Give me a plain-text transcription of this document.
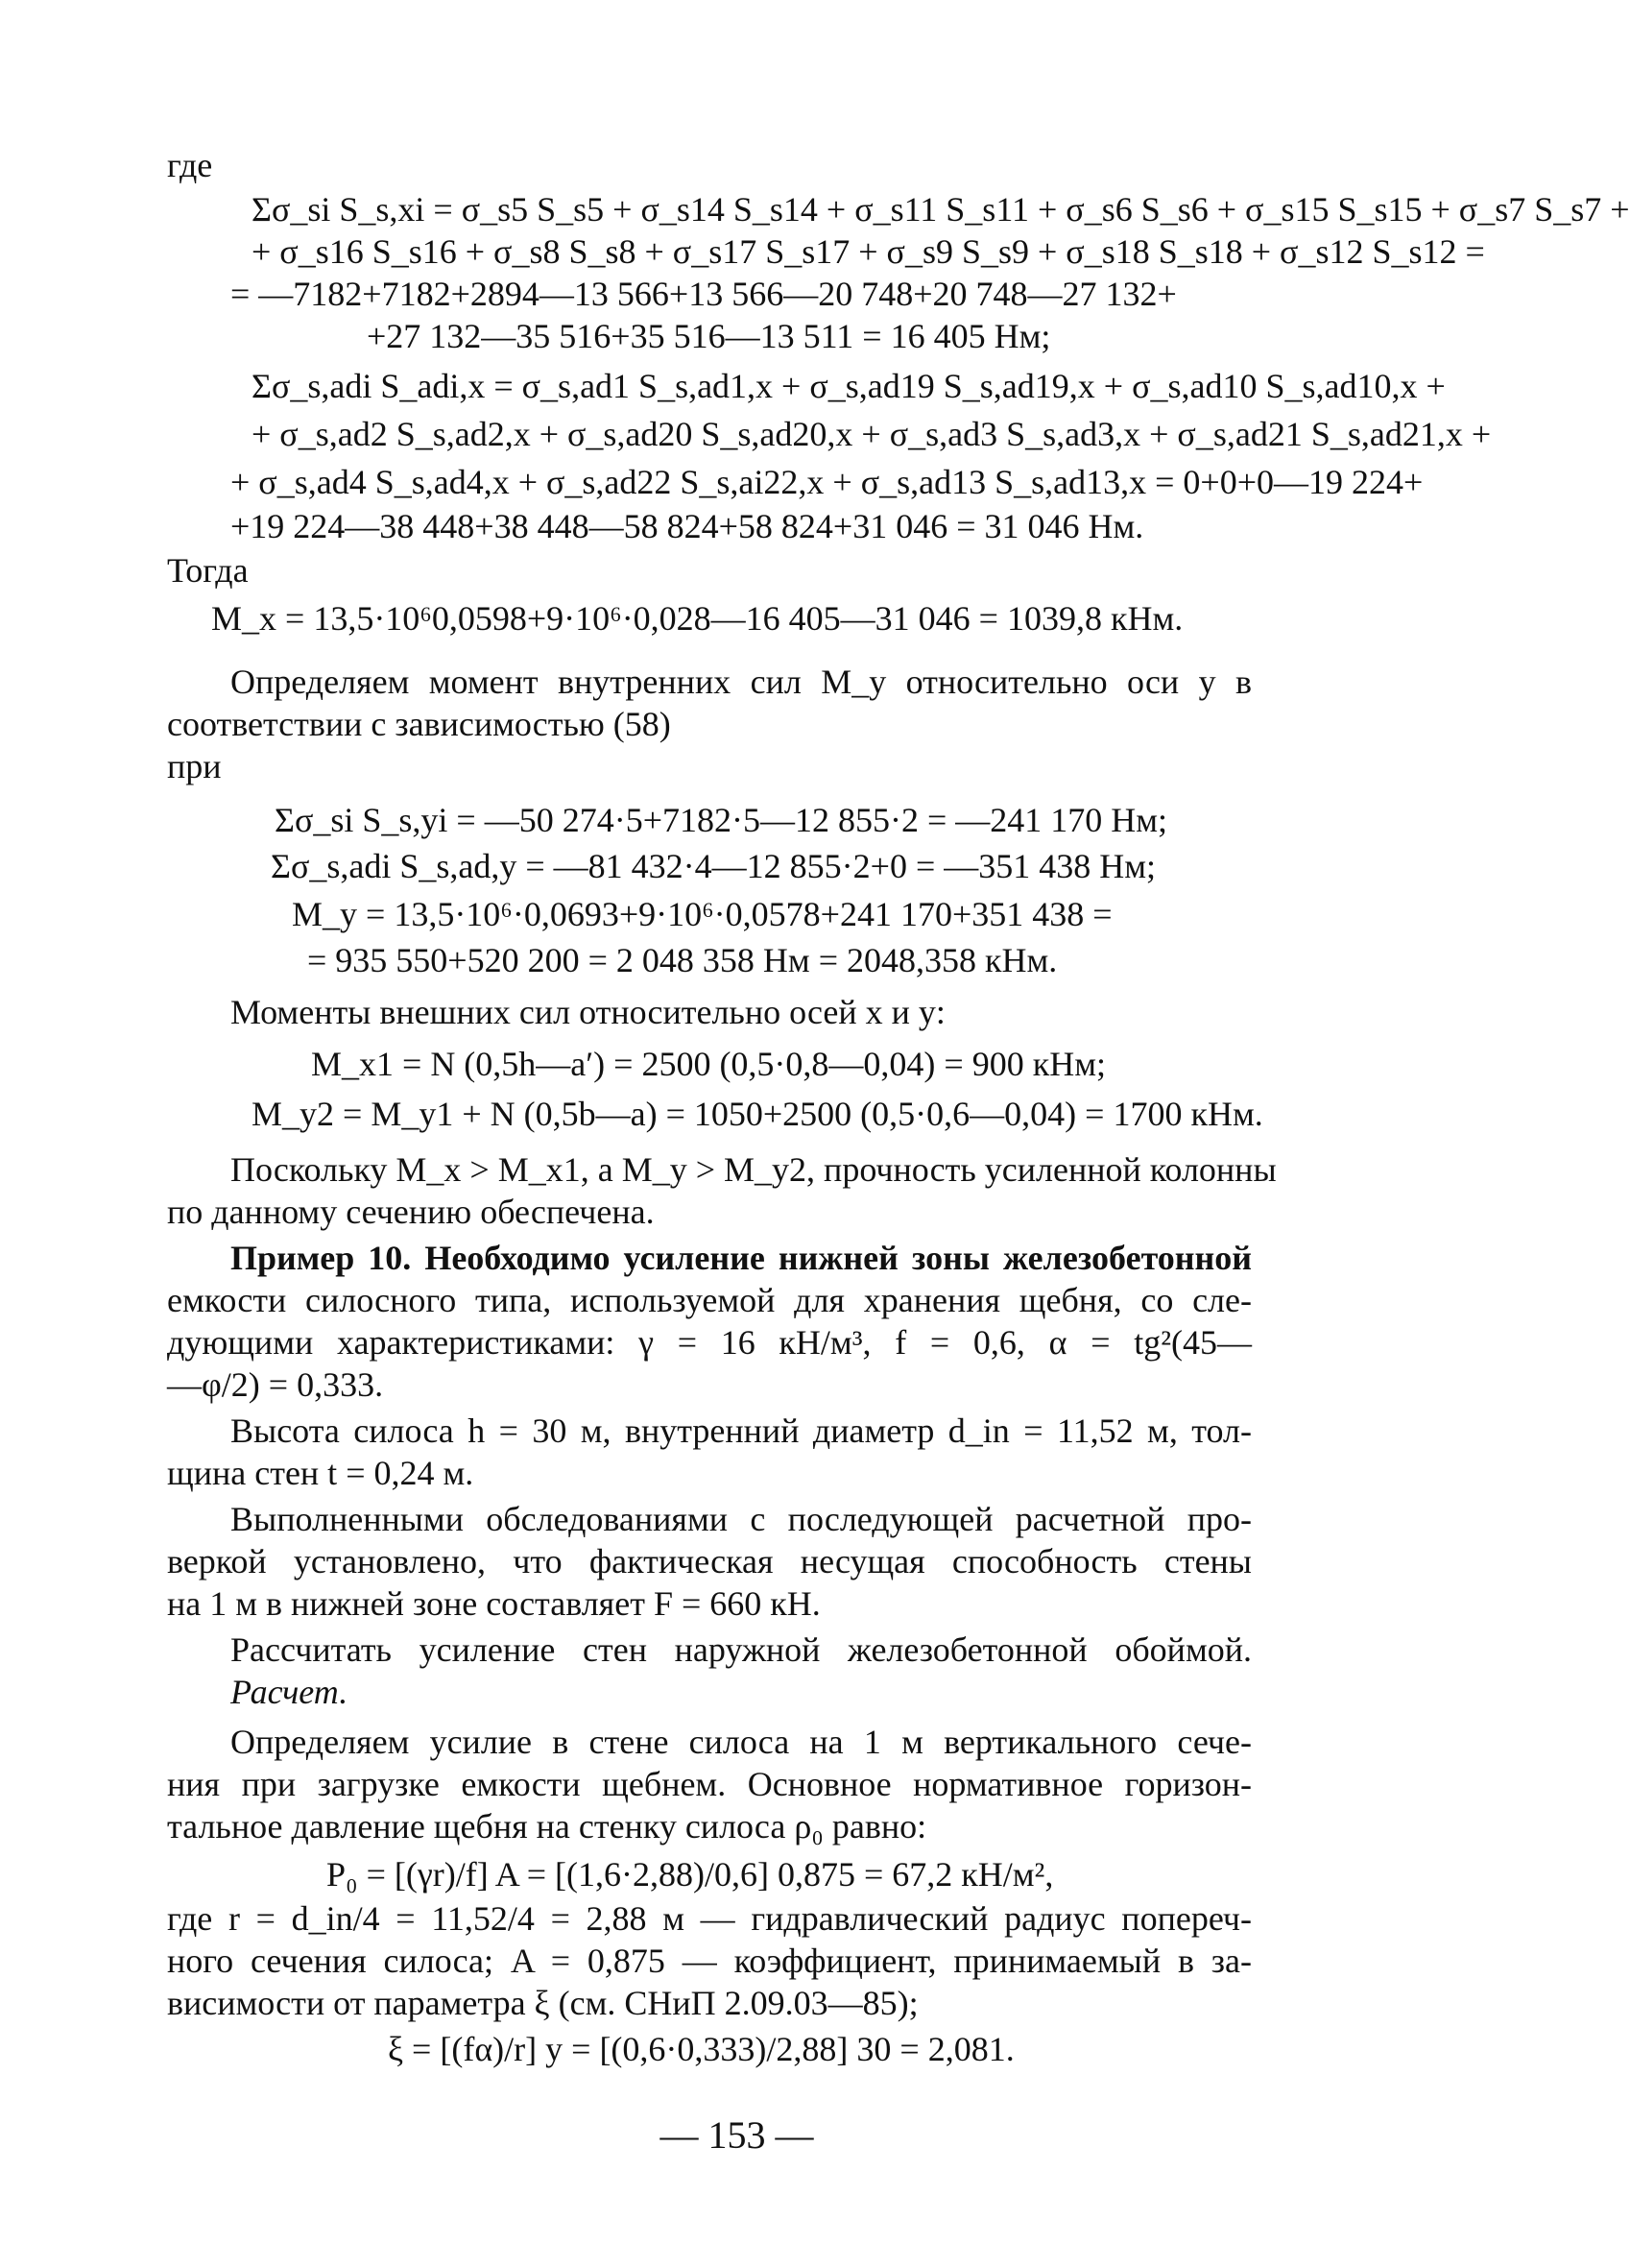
где
Σσ_si S_s,xi = σ_s5 S_s5 + σ_s14 S_s14 + σ_s11 S_s11 + σ_s6 S_s6 + σ_s15 S_s15 + σ_s7 S_s7 +
+ σ_s16 S_s16 + σ_s8 S_s8 + σ_s17 S_s17 + σ_s9 S_s9 + σ_s18 S_s18 + σ_s12 S_s12 =
= —7182+7182+2894—13 566+13 566—20 748+20 748—27 132+
+27 132—35 516+35 516—13 511 = 16 405 Нм;
Σσ_s,adi S_adi,x = σ_s,ad1 S_s,ad1,x + σ_s,ad19 S_s,ad19,x + σ_s,ad10 S_s,ad10,x +
+ σ_s,ad2 S_s,ad2,x + σ_s,ad20 S_s,ad20,x + σ_s,ad3 S_s,ad3,x + σ_s,ad21 S_s,ad21,x +
+ σ_s,ad4 S_s,ad4,x + σ_s,ad22 S_s,ai22,x + σ_s,ad13 S_s,ad13,x = 0+0+0—19 224+
+19 224—38 448+38 448—58 824+58 824+31 046 = 31 046 Нм.
Тогда
M_x = 13,5·10⁶0,0598+9·10⁶·0,028—16 405—31 046 = 1039,8 кНм.
Определяем момент внутренних сил M_y относительно оси y в
соответствии с зависимостью (58)
при
Σσ_si S_s,yi = —50 274·5+7182·5—12 855·2 = —241 170 Нм;
Σσ_s,adi S_s,ad,y = —81 432·4—12 855·2+0 = —351 438 Нм;
M_y = 13,5·10⁶·0,0693+9·10⁶·0,0578+241 170+351 438 =
= 935 550+520 200 = 2 048 358 Нм = 2048,358 кНм.
Моменты внешних сил относительно осей x и y:
M_x1 = N (0,5h—a′) = 2500 (0,5·0,8—0,04) = 900 кНм;
M_y2 = M_y1 + N (0,5b—a) = 1050+2500 (0,5·0,6—0,04) = 1700 кНм.
Поскольку M_x > M_x1, а M_y > M_y2, прочность усиленной колонны
по данному сечению обеспечена.
Пример 10. Необходимо усиление нижней зоны железобетонной
емкости силосного типа, используемой для хранения щебня, со сле-
дующими характеристиками: γ = 16 кН/м³, f = 0,6, α = tg²(45—
—φ/2) = 0,333.
Высота силоса h = 30 м, внутренний диаметр d_in = 11,52 м, тол-
щина стен t = 0,24 м.
Выполненными обследованиями с последующей расчетной про-
веркой установлено, что фактическая несущая способность стены
на 1 м в нижней зоне составляет F = 660 кН.
Рассчитать усиление стен наружной железобетонной обоймой.
Расчет.
Определяем усилие в стене силоса на 1 м вертикального сече-
ния при загрузке емкости щебнем. Основное нормативное горизон-
тальное давление щебня на стенку силоса ρ₀ равно:
P₀ = [(γr)/f] A = [(1,6·2,88)/0,6] 0,875 = 67,2 кН/м²,
где r = d_in/4 = 11,52/4 = 2,88 м — гидравлический радиус попереч-
ного сечения силоса; A = 0,875 — коэффициент, принимаемый в за-
висимости от параметра ξ (см. СНиП 2.09.03—85);
ξ = [(fα)/r] y = [(0,6·0,333)/2,88] 30 = 2,081.
— 153 —
